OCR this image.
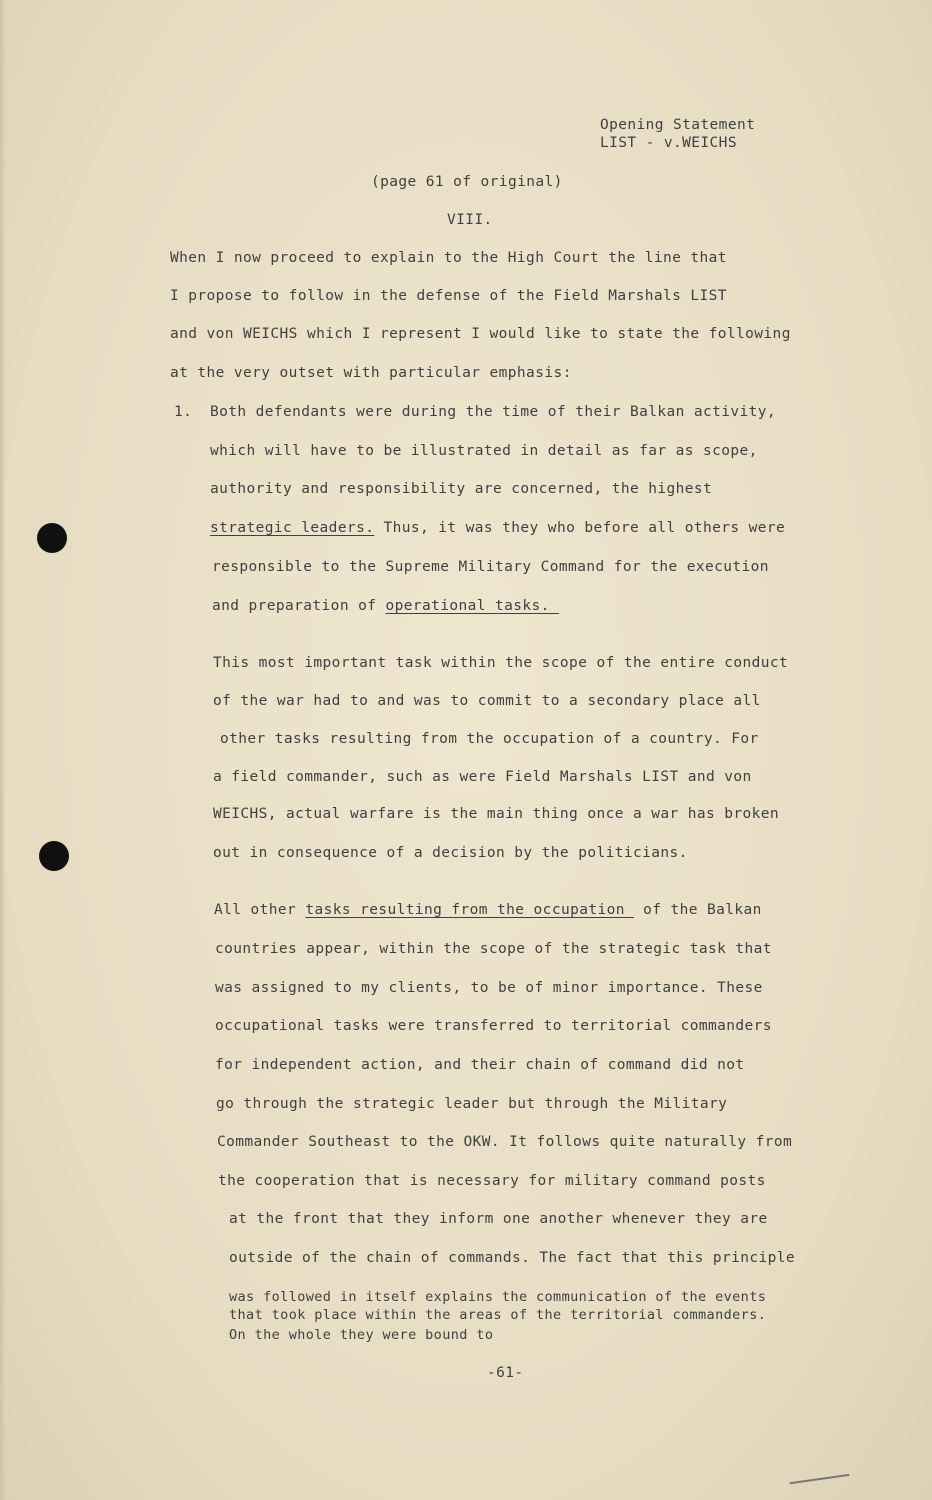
Opening Statement
LIST - v.WEICHS
(page 61 of original)
VIII.
When I now proceed to explain to the High Court the line that
I propose to follow in the defense of the Field Marshals LIST
and von WEICHS which I represent I would like to state the following
at the very outset with particular emphasis:
1. Both defendants were during the time of their Balkan activity,
which will have to be illustrated in detail as far as scope,
authority and responsibility are concerned, the highest
strategic leaders. Thus, it was they who before all others were
responsible to the Supreme Military Command for the execution
and preparation of operational tasks._
This most important task within the scope of the entire conduct
of the war had to and was to commit to a secondary place all
other tasks resulting from the occupation of a country. For
a field commander, such as were Field Marshals LIST and von
WEICHS, actual warfare is the main thing once a war has broken
out in consequence of a decision by the politicians.
All other tasks resulting from the occupation_ of the Balkan
countries appear, within the scope of the strategic task that
was assigned to my clients, to be of minor importance. These
occupational tasks were transferred to territorial commanders
for independent action, and their chain of command did not
go through the strategic leader but through the Military
Commander Southeast to the OKW. It follows quite naturally from
the cooperation that is necessary for military command posts
at the front that they inform one another whenever they are
outside of the chain of commands. The fact that this principle
was followed in itself explains the communication of the events
that took place within the areas of the territorial commanders.
On the whole they were bound to
-61-
